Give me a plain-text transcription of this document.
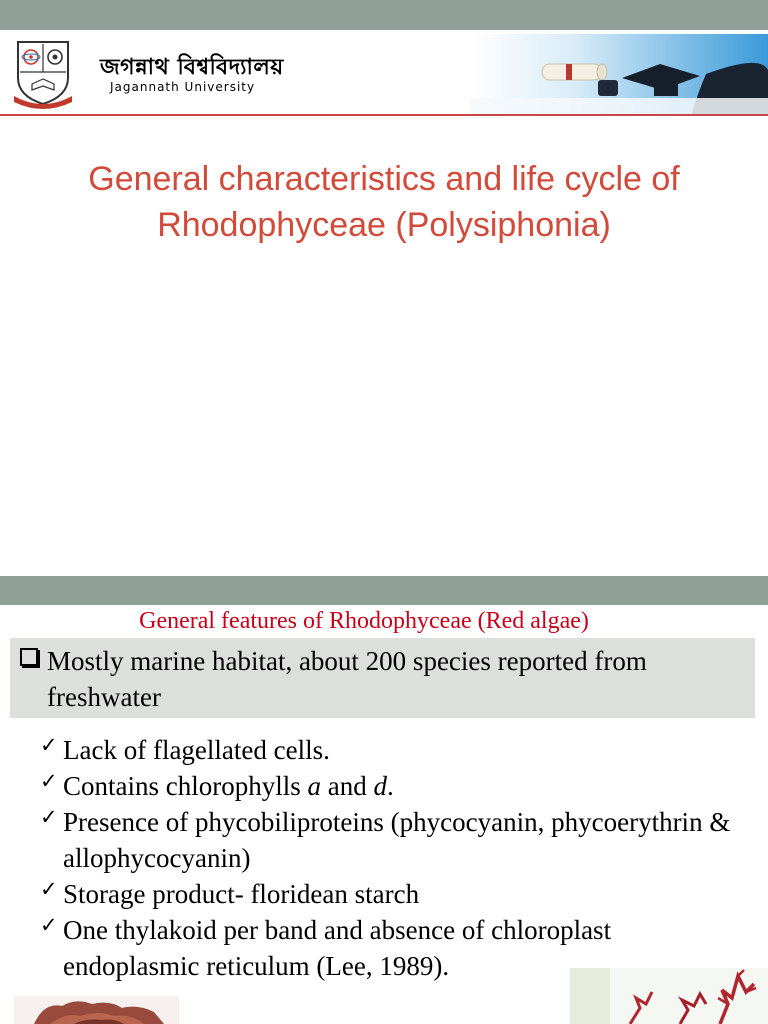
জগন্নাথ বিশ্ববিদ্যালয়
Jagannath University
General characteristics and life cycle of
Rhodophyceae (Polysiphonia)
General features of Rhodophyceae (Red algae)
Mostly marine habitat, about 200 species reported from freshwater
✓ Lack of flagellated cells.
✓ Contains chlorophylls a and d.
✓ Presence of phycobiliproteins (phycocyanin, phycoerythrin & allophycocyanin)
✓ Storage product- floridean starch
✓ One thylakoid per band and absence of chloroplast endoplasmic reticulum (Lee, 1989).
